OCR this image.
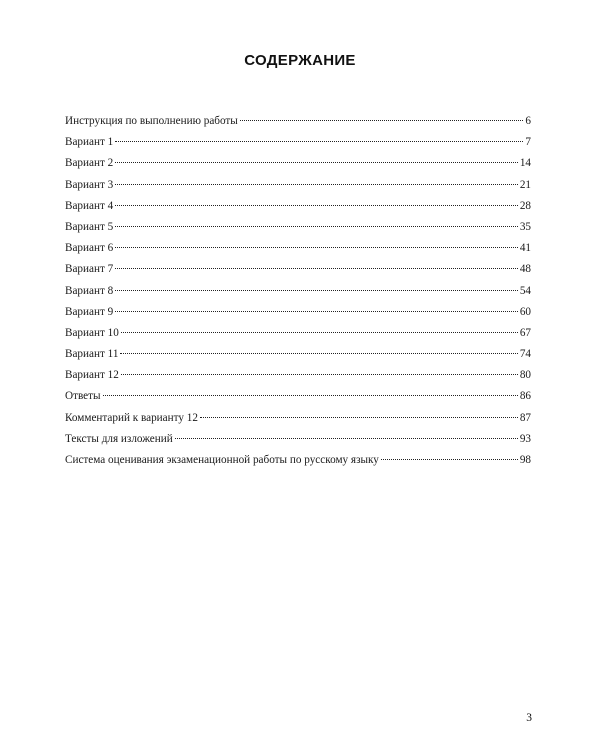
СОДЕРЖАНИЕ
Инструкция по выполнению работы	6
Вариант 1	7
Вариант 2	14
Вариант 3	21
Вариант 4	28
Вариант 5	35
Вариант 6	41
Вариант 7	48
Вариант 8	54
Вариант 9	60
Вариант 10	67
Вариант 11	74
Вариант 12	80
Ответы	86
Комментарий к варианту 12	87
Тексты для изложений	93
Система оценивания экзаменационной работы по русскому языку	98
3
